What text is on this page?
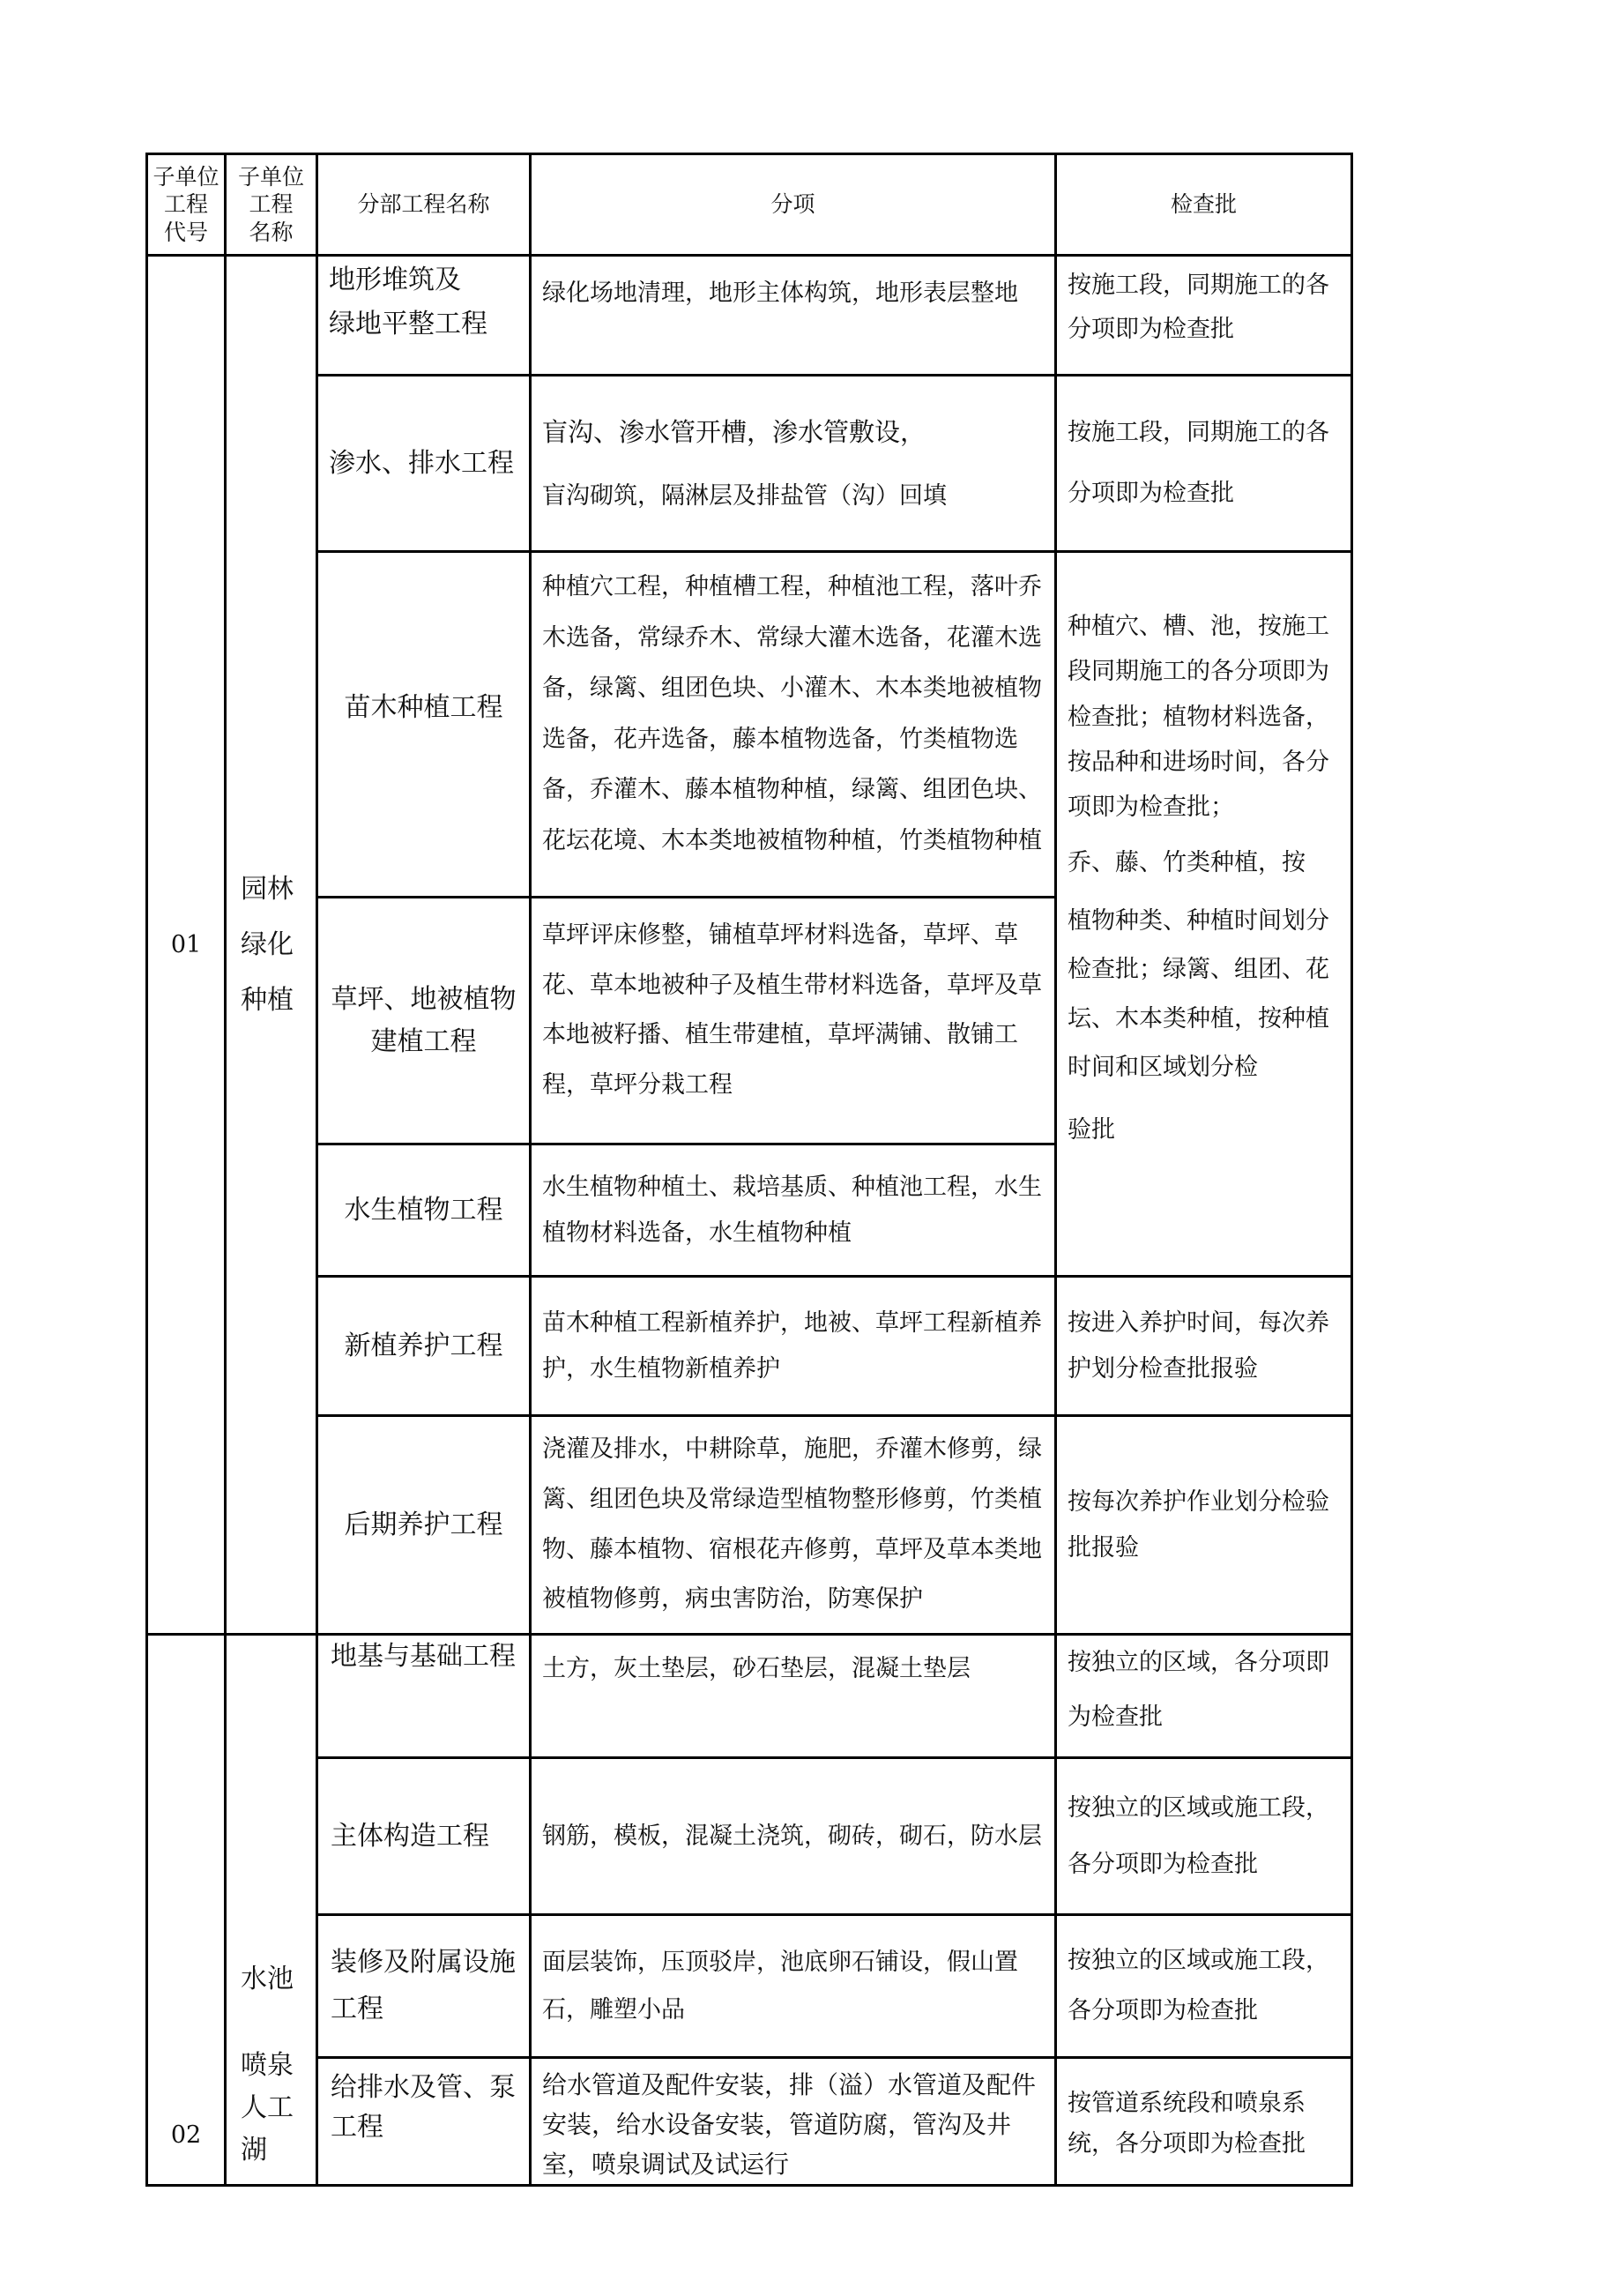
子单位
工程
代号	子单位
工程
名称	分部工程名称	分项	检查批
01	园林
绿化
种植	地形堆筑及
绿地平整工程	绿化场地清理，地形主体构筑，地形表层整地	按施工段，同期施工的各分项即为检查批
		渗水、排水工程	盲沟、渗水管开槽，渗水管敷设，
盲沟砌筑，隔淋层及排盐管（沟）回填	按施工段，同期施工的各分项即为检查批
		苗木种植工程	种植穴工程，种植槽工程，种植池工程，落叶乔木选备，常绿乔木、常绿大灌木选备，花灌木选备，绿篱、组团色块、小灌木、木本类地被植物选备，花卉选备，藤本植物选备，竹类植物选备，乔灌木、藤本植物种植，绿篱、组团色块、花坛花境、木本类地被植物种植，竹类植物种植	种植穴、槽、池，按施工段同期施工的各分项即为检查批；植物材料选备，按品种和进场时间，各分项即为检查批；
乔、藤、竹类种植，按
植物种类、种植时间划分检查批；绿篱、组团、花坛、木本类种植，按种植时间和区域划分检
验批

		草坪、地被植物建植工程	草坪评床修整，铺植草坪材料选备，草坪、草花、草本地被种子及植生带材料选备，草坪及草本地被籽播、植生带建植，草坪满铺、散铺工程，草坪分栽工程	
		水生植物工程	水生植物种植土、栽培基质、种植池工程，水生植物材料选备，水生植物种植	
		新植养护工程	苗木种植工程新植养护，地被、草坪工程新植养护，水生植物新植养护	按进入养护时间，每次养护划分检查批报验
		后期养护工程	浇灌及排水，中耕除草，施肥，乔灌木修剪，绿篱、组团色块及常绿造型植物整形修剪，竹类植物、藤本植物、宿根花卉修剪，草坪及草本类地被植物修剪，病虫害防治，防寒保护	按每次养护作业划分检验批报验
02	水池
喷泉
人工
湖	地基与基础工程	土方，灰土垫层，砂石垫层，混凝土垫层	按独立的区域，各分项即为检查批
		主体构造工程	钢筋，模板，混凝土浇筑，砌砖，砌石，防水层	按独立的区域或施工段，各分项即为检查批
		装修及附属设施工程	面层装饰，压顶驳岸，池底卵石铺设，假山置石，雕塑小品	按独立的区域或施工段，各分项即为检查批
		给排水及管、泵工程	给水管道及配件安装，排（溢）水管道及配件安装，给水设备安装，管道防腐，管沟及井室，喷泉调试及试运行	按管道系统段和喷泉系统，各分项即为检查批
